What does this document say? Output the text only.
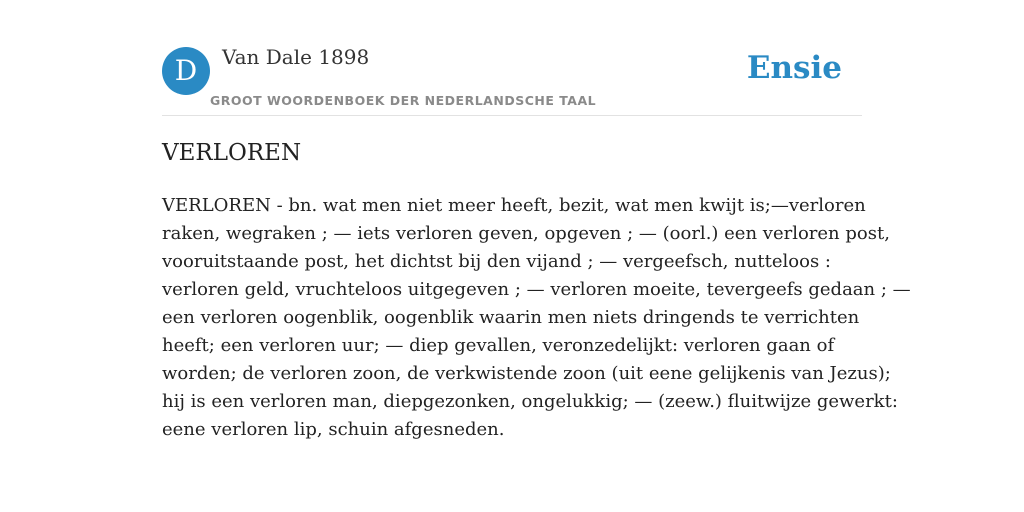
D	Van Dale 1898
GROOT WOORDENBOEK DER NEDERLANDSCHE TAAL
Ensie
VERLOREN

VERLOREN - bn. wat men niet meer heeft, bezit, wat men kwijt is;—verloren
raken, wegraken ; — iets verloren geven, opgeven ; — (oorl.) een verloren post,
vooruitstaande post, het dichtst bij den vijand ; — vergeefsch, nutteloos :
verloren geld, vruchteloos uitgegeven ; — verloren moeite, tevergeefs gedaan ; —
een verloren oogenblik, oogenblik waarin men niets dringends te verrichten
heeft; een verloren uur; — diep gevallen, veronzedelijkt: verloren gaan of
worden; de verloren zoon, de verkwistende zoon (uit eene gelijkenis van Jezus);
hij is een verloren man, diepgezonken, ongelukkig; — (zeew.) fluitwijze gewerkt:
eene verloren lip, schuin afgesneden.
